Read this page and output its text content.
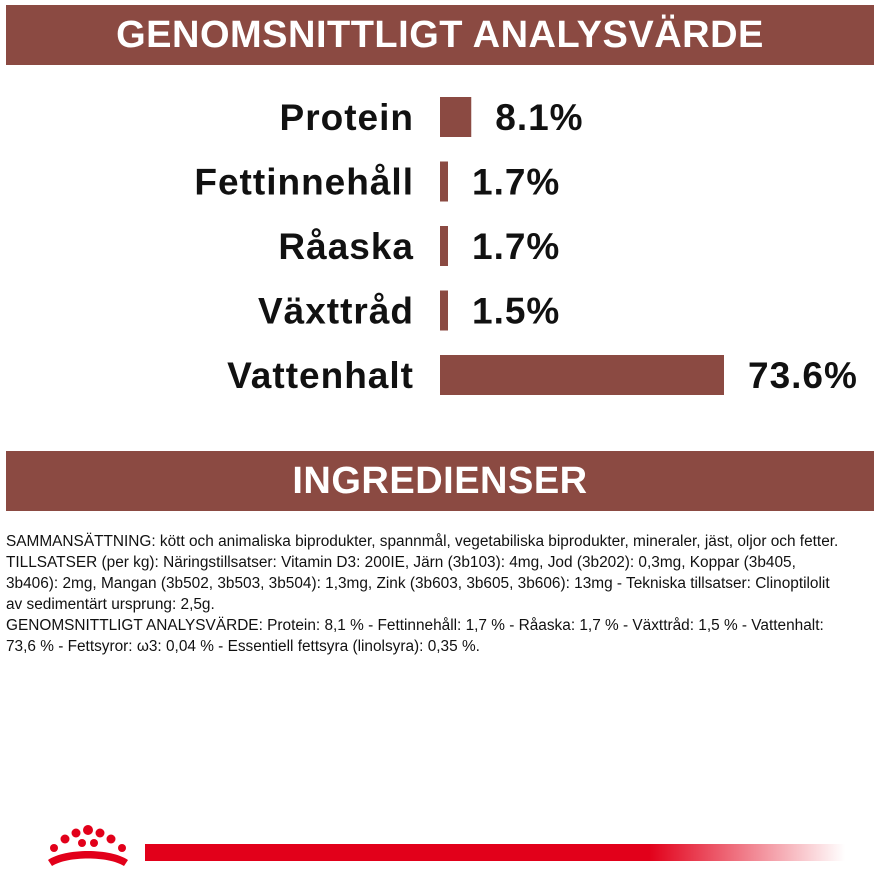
GENOMSNITTLIGT ANALYSVÄRDE
Protein 8.1%
Fettinnehåll 1.7%
Råaska 1.7%
Växttråd 1.5%
Vattenhalt	73.6%
INGREDIENSER

SAMMANSÄTTNING: kött och animaliska biprodukter, spannmål, vegetabiliska biprodukter, mineraler, jäst, oljor och fetter.

TILLSATSER (per kg): Näringstillsatser: Vitamin D3: 200IE, Järn (3b103): 4mg, Jod (3b202): 0,3mg, Koppar (3b405, 3b406): 2mg, Mangan (3b502, 3b503, 3b504): 1,3mg, Zink (3b603, 3b605, 3b606): 13mg - Tekniska tillsatser: Clinoptilolit av sedimentärt ursprung: 2,5g.

GENOMSNITTLIGT ANALYSVÄRDE: Protein: 8,1 % - Fettinnehåll: 1,7 % - Råaska: 1,7 % - Växttråd: 1,5 % - Vattenhalt: 73,6 % - Fettsyror: ω3: 0,04 % - Essentiell fettsyra (linolsyra): 0,35 %.
